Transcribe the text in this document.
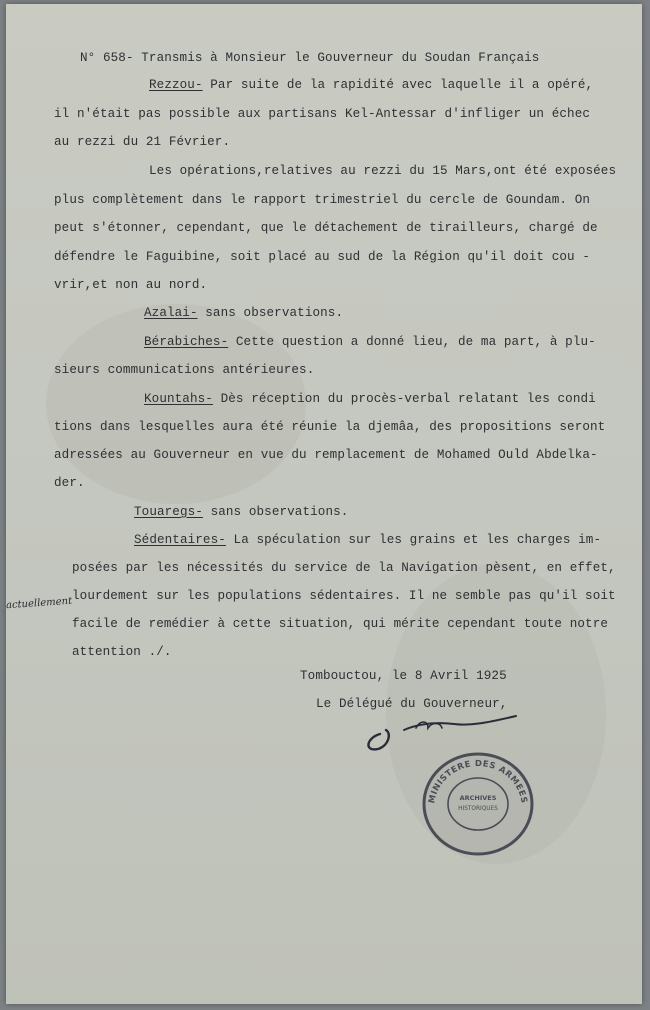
N° 658- Transmis à Monsieur le Gouverneur du Soudan Français
Rezzou- Par suite de la rapidité avec laquelle il a opéré,
il n'était pas possible aux partisans Kel-Antessar d'infliger un échec
au rezzi du 21 Février.
Les opérations,relatives au rezzi du 15 Mars,ont été exposées
plus complètement dans le rapport trimestriel du cercle de Goundam. On
peut s'étonner, cependant, que le détachement de tirailleurs, chargé de
défendre le Faguibine, soit placé au sud de la Région qu'il doit cou -
vrir,et non au nord.
Azalai- sans observations.
Bérabiches- Cette question a donné lieu, de ma part, à plu-
sieurs communications antérieures.
Kountahs- Dès réception du procès-verbal relatant les condi
tions dans lesquelles aura été réunie la djemâa, des propositions seront
adressées au Gouverneur en vue du remplacement de Mohamed Ould Abdelka-
der.
Touaregs- sans observations.
Sédentaires- La spéculation sur les grains et les charges im-
posées par les nécessités du service de la Navigation pèsent, en effet,
lourdement sur les populations sédentaires. Il ne semble pas qu'il soit
facile de remédier à cette situation, qui mérite cependant toute notre
attention ./.
actuellement
Tombouctou, le 8 Avril 1925
Le Délégué du Gouverneur,
MINISTERE DES ARMEES
ARCHIVES
HISTORIQUES
